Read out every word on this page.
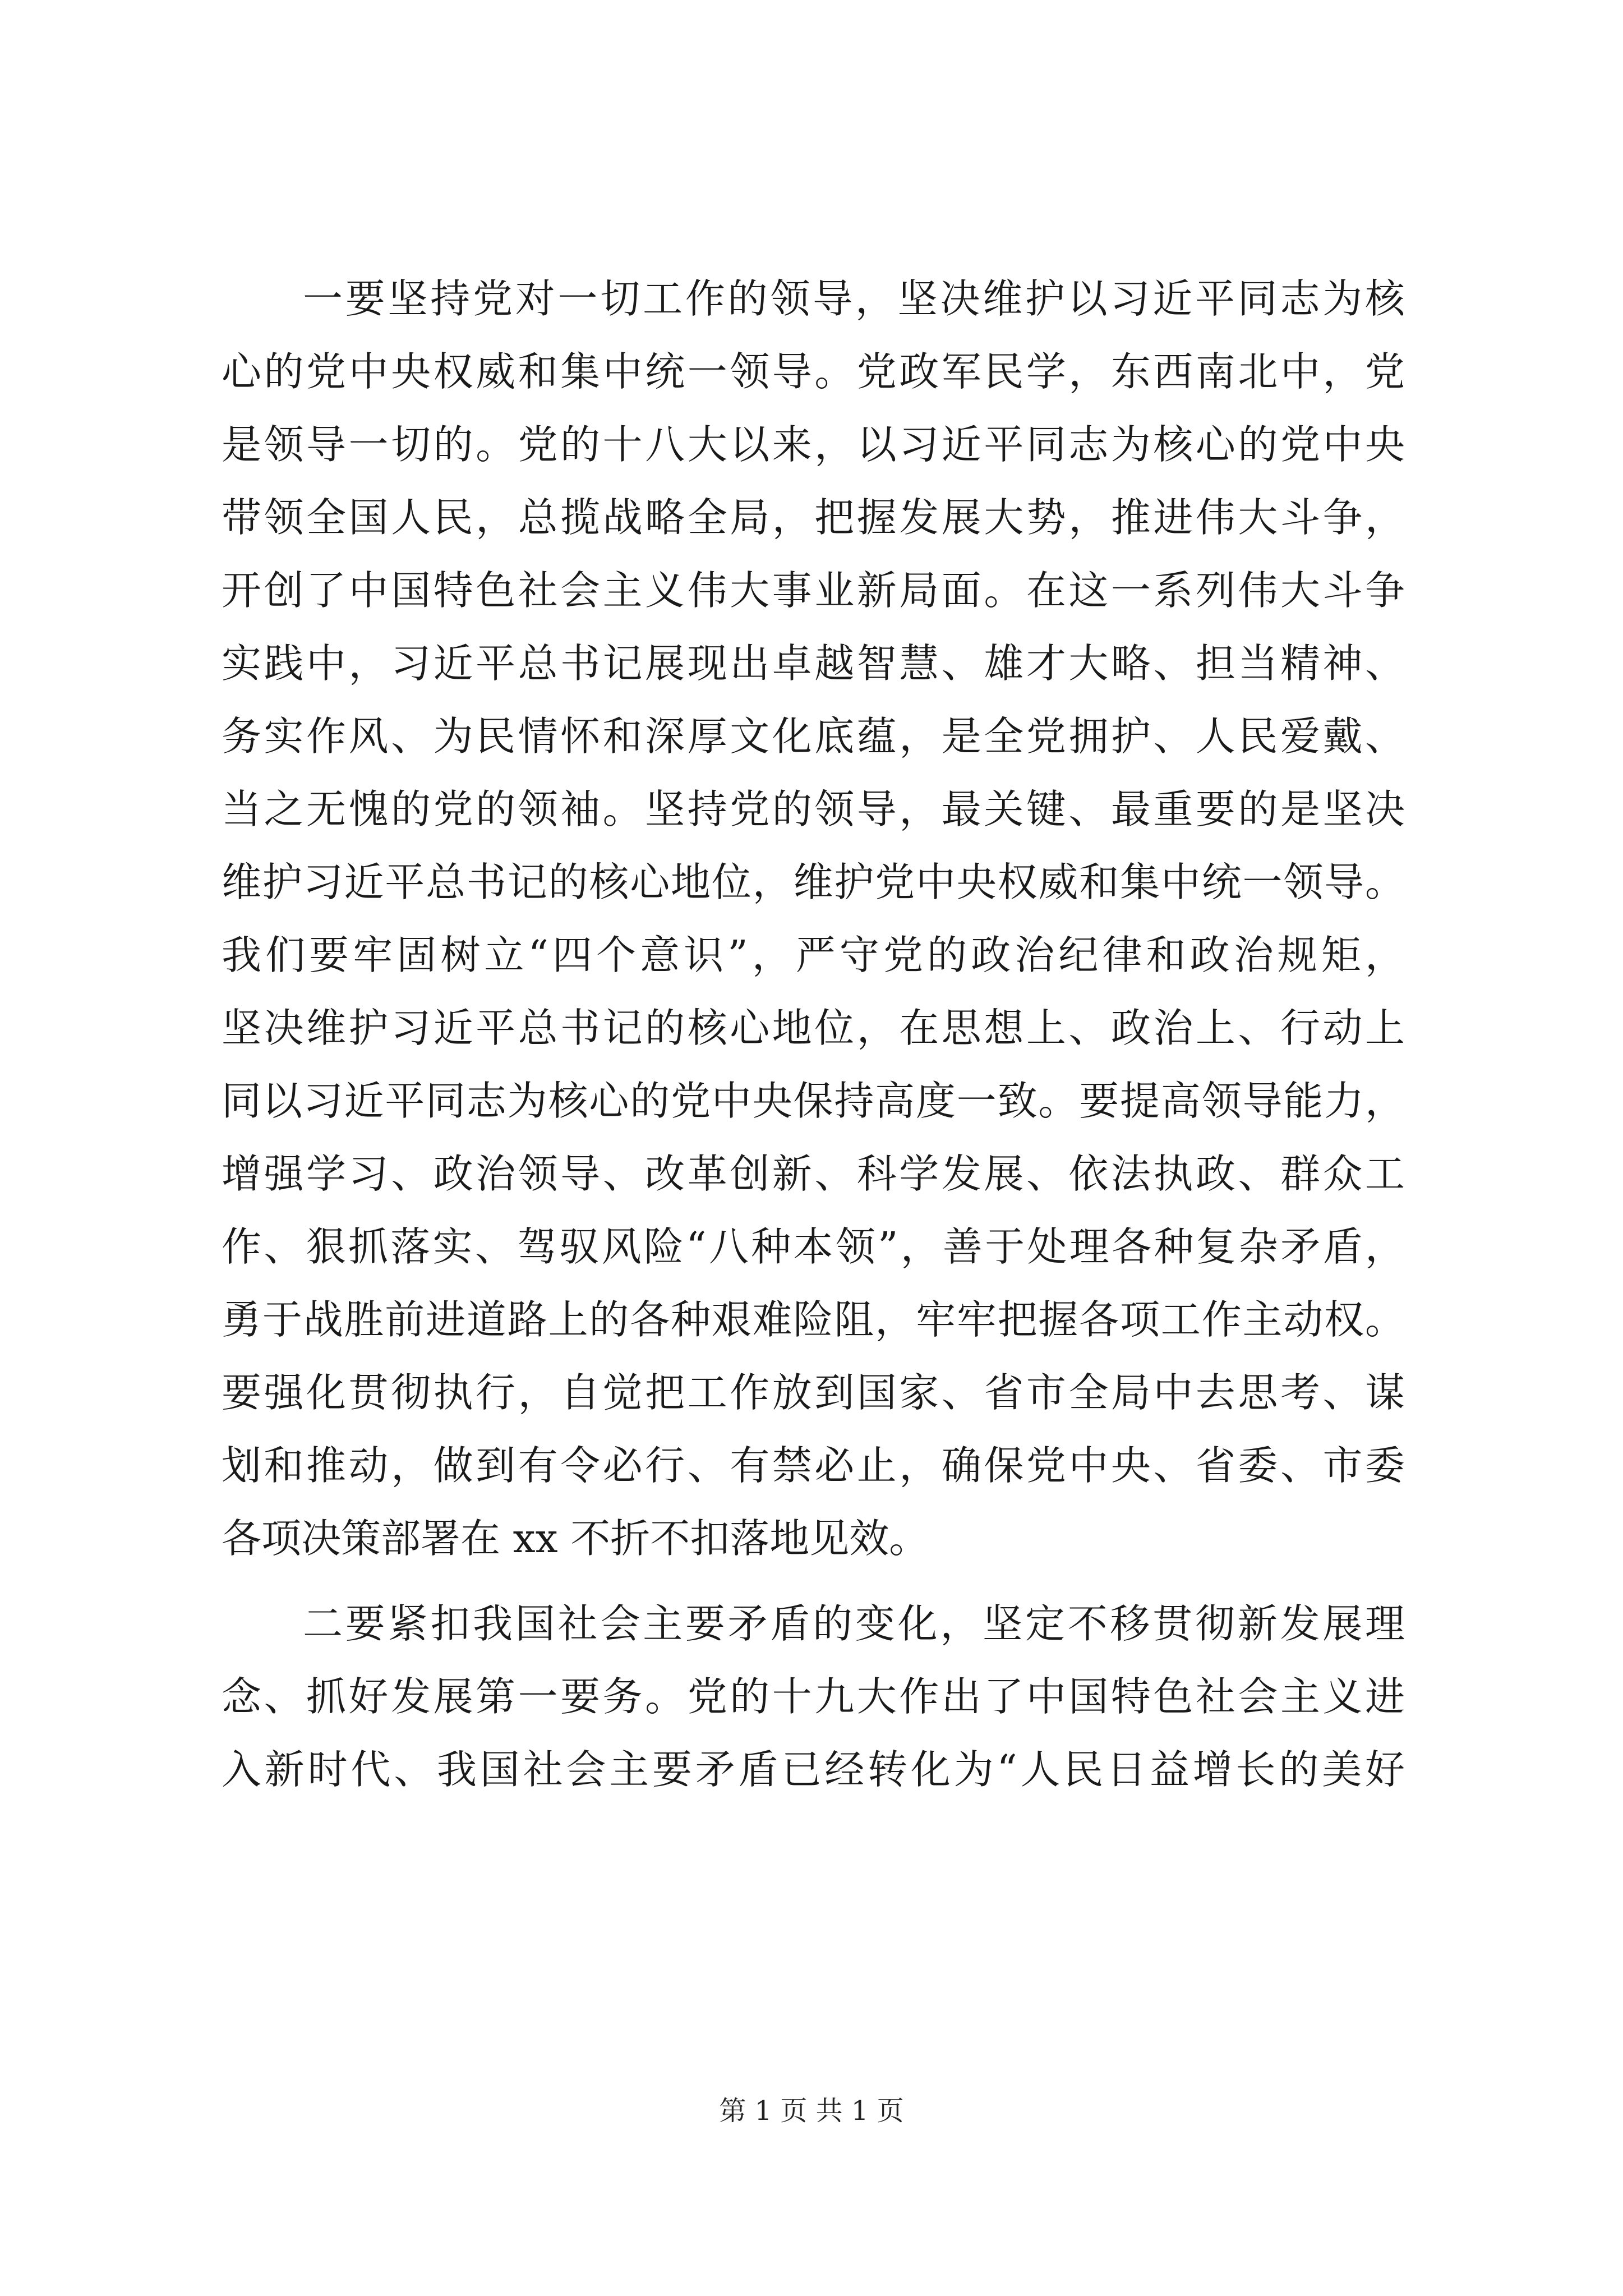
一要坚持党对一切工作的领导，坚决维护以习近平同志为核
心的党中央权威和集中统一领导。党政军民学，东西南北中，党
是领导一切的。党的十八大以来，以习近平同志为核心的党中央
带领全国人民，总揽战略全局，把握发展大势，推进伟大斗争，
开创了中国特色社会主义伟大事业新局面。在这一系列伟大斗争
实践中，习近平总书记展现出卓越智慧、雄才大略、担当精神、
务实作风、为民情怀和深厚文化底蕴，是全党拥护、人民爱戴、
当之无愧的党的领袖。坚持党的领导，最关键、最重要的是坚决
维护习近平总书记的核心地位，维护党中央权威和集中统一领导。
我们要牢固树立“四个意识”，严守党的政治纪律和政治规矩，
坚决维护习近平总书记的核心地位，在思想上、政治上、行动上
同以习近平同志为核心的党中央保持高度一致。要提高领导能力，
增强学习、政治领导、改革创新、科学发展、依法执政、群众工
作、狠抓落实、驾驭风险“八种本领”，善于处理各种复杂矛盾，
勇于战胜前进道路上的各种艰难险阻，牢牢把握各项工作主动权。
要强化贯彻执行，自觉把工作放到国家、省市全局中去思考、谋
划和推动，做到有令必行、有禁必止，确保党中央、省委、市委
各项决策部署在 xx 不折不扣落地见效。
二要紧扣我国社会主要矛盾的变化，坚定不移贯彻新发展理
念、抓好发展第一要务。党的十九大作出了中国特色社会主义进
入新时代、我国社会主要矛盾已经转化为“人民日益增长的美好
第 1 页 共 1 页
